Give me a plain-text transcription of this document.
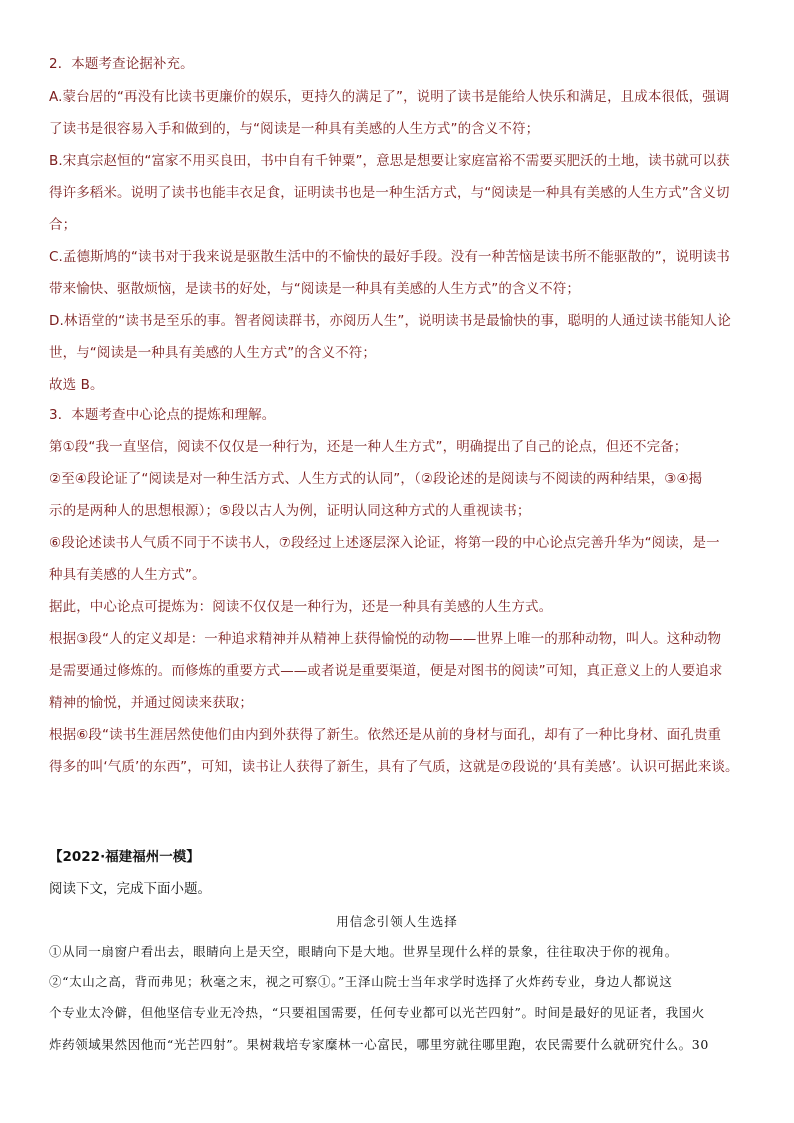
2．本题考查论据补充。
A.蒙台居的“再没有比读书更廉价的娱乐，更持久的满足了”，说明了读书是能给人快乐和满足，且成本很低，强调
了读书是很容易入手和做到的，与“阅读是一种具有美感的人生方式”的含义不符；
B.宋真宗赵恒的“富家不用买良田，书中自有千钟粟”，意思是想要让家庭富裕不需要买肥沃的土地，读书就可以获
得许多稻米。说明了读书也能丰衣足食，证明读书也是一种生活方式，与“阅读是一种具有美感的人生方式”含义切
合；
C.孟德斯鸠的“读书对于我来说是驱散生活中的不愉快的最好手段。没有一种苦恼是读书所不能驱散的”，说明读书
带来愉快、驱散烦恼，是读书的好处，与“阅读是一种具有美感的人生方式”的含义不符；
D.林语堂的“读书是至乐的事。智者阅读群书，亦阅历人生”，说明读书是最愉快的事，聪明的人通过读书能知人论
世，与“阅读是一种具有美感的人生方式”的含义不符；
故选 B。
3．本题考查中心论点的提炼和理解。
第①段“我一直坚信，阅读不仅仅是一种行为，还是一种人生方式”，明确提出了自己的论点，但还不完备；
②至④段论证了“阅读是对一种生活方式、人生方式的认同”，（②段论述的是阅读与不阅读的两种结果，③④揭
示的是两种人的思想根源）；⑤段以古人为例，证明认同这种方式的人重视读书；
⑥段论述读书人气质不同于不读书人，⑦段经过上述逐层深入论证，将第一段的中心论点完善升华为“阅读，是一
种具有美感的人生方式”。
据此，中心论点可提炼为：阅读不仅仅是一种行为，还是一种具有美感的人生方式。
根据③段“人的定义却是：一种追求精神并从精神上获得愉悦的动物——世界上唯一的那种动物，叫人。这种动物
是需要通过修炼的。而修炼的重要方式——或者说是重要渠道，便是对图书的阅读”可知，真正意义上的人要追求
精神的愉悦，并通过阅读来获取；
根据⑥段“读书生涯居然使他们由内到外获得了新生。依然还是从前的身材与面孔，却有了一种比身材、面孔贵重
得多的叫‘气质’的东西”，可知，读书让人获得了新生，具有了气质，这就是⑦段说的‘具有美感’。认识可据此来谈。
【2022·福建福州一模】
阅读下文，完成下面小题。
用信念引领人生选择
①从同一扇窗户看出去，眼睛向上是天空，眼睛向下是大地。世界呈现什么样的景象，往往取决于你的视角。
②“太山之高，背而弗见；秋毫之末，视之可察①。”王泽山院士当年求学时选择了火炸药专业，身边人都说这
个专业太冷僻，但他坚信专业无冷热，“只要祖国需要，任何专业都可以光芒四射”。时间是最好的见证者，我国火
炸药领域果然因他而“光芒四射”。果树栽培专家糜林一心富民，哪里穷就往哪里跑，农民需要什么就研究什么。30
